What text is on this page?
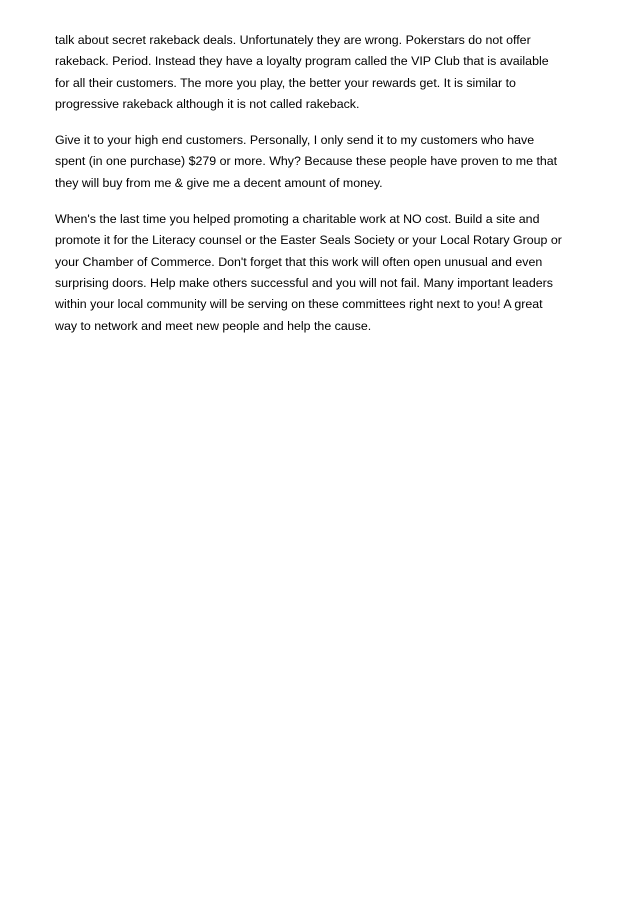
talk about secret rakeback deals. Unfortunately they are wrong. Pokerstars do not offer
rakeback. Period. Instead they have a loyalty program called the VIP Club that is available
for all their customers. The more you play, the better your rewards get. It is similar to
progressive rakeback although it is not called rakeback.

Give it to your high end customers. Personally, I only send it to my customers who have
spent (in one purchase) $279 or more. Why? Because these people have proven to me that
they will buy from me & give me a decent amount of money.

When's the last time you helped promoting a charitable work at NO cost. Build a site and
promote it for the Literacy counsel or the Easter Seals Society or your Local Rotary Group or
your Chamber of Commerce. Don't forget that this work will often open unusual and even
surprising doors. Help make others successful and you will not fail. Many important leaders
within your local community will be serving on these committees right next to you! A great
way to network and meet new people and help the cause.
